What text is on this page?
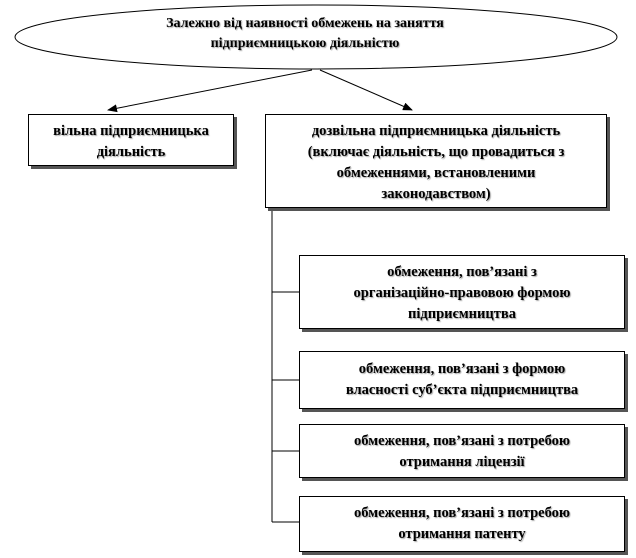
Залежно від наявності обмежень на заняття
підприємницькою діяльністю
вільна підприємницька
діяльність
дозвільна підприємницька діяльність
(включає діяльність, що провадиться з
обмеженнями, встановленими
законодавством)
обмеження, пов’язані з
організаційно-правовою формою
підприємництва
обмеження, пов’язані з формою
власності суб’єкта підприємництва
обмеження, пов’язані з потребою
отримання ліцензії
обмеження, пов’язані з потребою
отримання патенту
